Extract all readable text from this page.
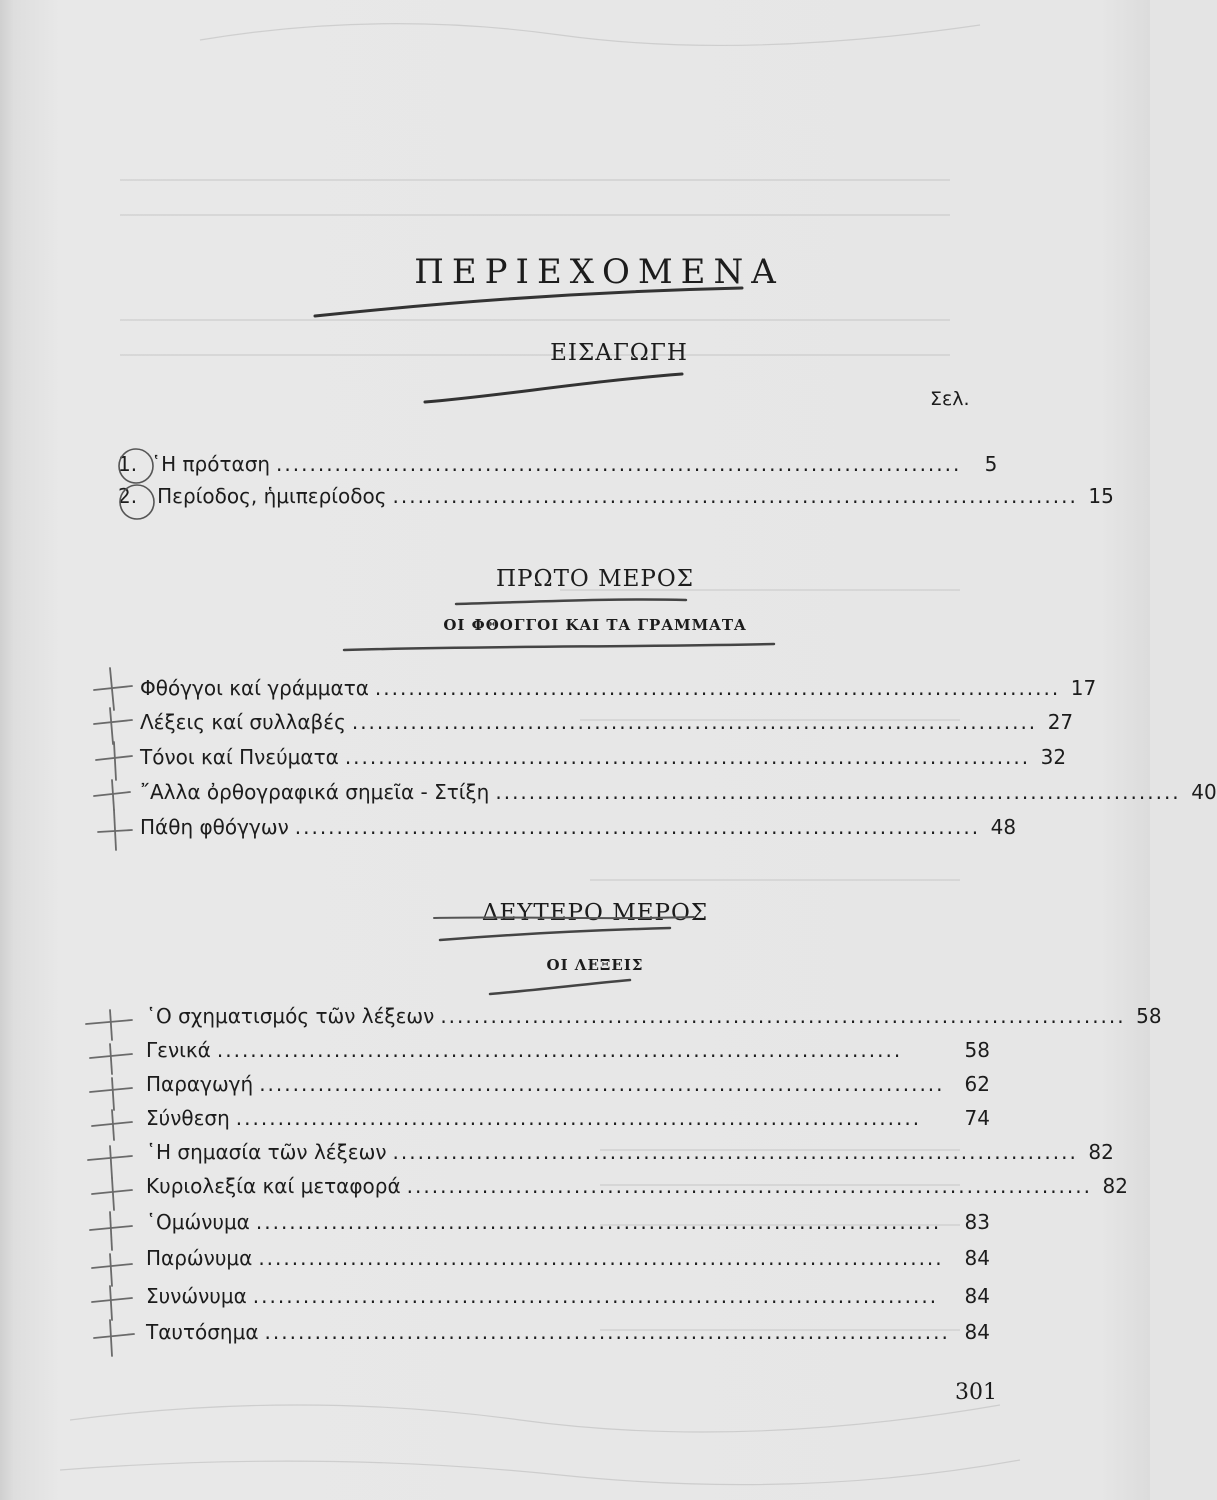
ΠΕΡΙΕΧΟΜΕΝΑ
ΕΙΣΑΓΩΓΗ
Σελ.
1. ῾Η πρόταση ..................................................................................	5
2. Περίοδος, ἡμιπερίοδος .................................................................................. 15
ΠΡΩΤΟ ΜΕΡΟΣ
ΟΙ ΦΘΟΓΓΟΙ ΚΑΙ ΤΑ ΓΡΑΜΜΑΤΑ
Φθόγγοι καί γράμματα .................................................................................. 17
Λέξεις καί συλλαβές .................................................................................. 27
Τόνοι καί Πνεύματα .................................................................................. 32
῎Αλλα ὀρθογραφικά σημεῖα - Στίξη .................................................................................. 40
Πάθη φθόγγων .................................................................................. 48
ΔΕΥΤΕΡΟ ΜΕΡΟΣ
ΟΙ ΛΕΞΕΙΣ
῾Ο σχηματισμός τῶν λέξεων .................................................................................. 58
Γενικά ..................................................................................	58
Παραγωγή ..................................................................................	62
Σύνθεση ..................................................................................	74
῾Η σημασία τῶν λέξεων .................................................................................. 82
Κυριολεξία καί μεταφορά .................................................................................. 82
῾Ομώνυμα ..................................................................................	83
Παρώνυμα ..................................................................................	84
Συνώνυμα ..................................................................................	84
Ταυτόσημα .................................................................................. 84
301
